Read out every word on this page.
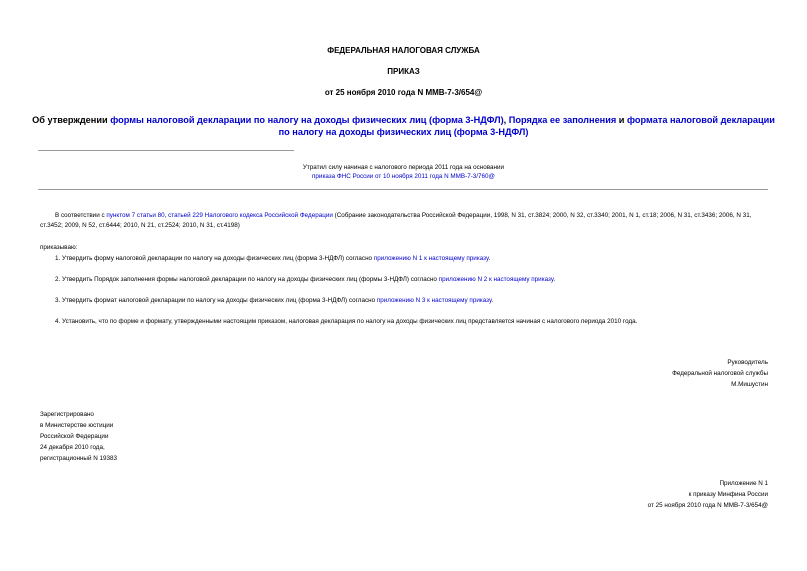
ФЕДЕРАЛЬНАЯ НАЛОГОВАЯ СЛУЖБА
ПРИКАЗ
от 25 ноября 2010 года N ММВ-7-3/654@
Об утверждении формы налоговой декларации по налогу на доходы физических лиц (форма 3-НДФЛ), Порядка ее заполнения и формата налоговой декларации по налогу на доходы физических лиц (форма 3-НДФЛ)
Утратил силу начиная с налогового периода 2011 года на основании
приказа ФНС России от 10 ноября 2011 года N ММВ-7-3/760@
В соответствии с пунктом 7 статьи 80, статьей 229 Налогового кодекса Российской Федерации (Собрание законодательства Российской Федерации, 1998, N 31, ст.3824; 2000, N 32, ст.3340; 2001, N 1, ст.18; 2006, N 31, ст.3436; 2006, N 31, ст.3452; 2009, N 52, ст.6444; 2010, N 21, ст.2524; 2010, N 31, ст.4198)
приказываю:
1. Утвердить форму налоговой декларации по налогу на доходы физических лиц (форма 3-НДФЛ) согласно приложению N 1 к настоящему приказу.
2. Утвердить Порядок заполнения формы налоговой декларации по налогу на доходы физических лиц (формы 3-НДФЛ) согласно приложению N 2 к настоящему приказу.
3. Утвердить формат налоговой декларации по налогу на доходы физических лиц (форма 3-НДФЛ) согласно приложению N 3 к настоящему приказу.
4. Установить, что по форме и формату, утвержденными настоящим приказом, налоговая декларация по налогу на доходы физических лиц представляется начиная с налогового периода 2010 года.
Руководитель
Федеральной налоговой службы
М.Мишустин
Зарегистрировано
в Министерстве юстиции
Российской Федерации
24 декабря 2010 года,
регистрационный N 19383
Приложение N 1
к приказу Минфина России
от 25 ноября 2010 года N ММВ-7-3/654@
